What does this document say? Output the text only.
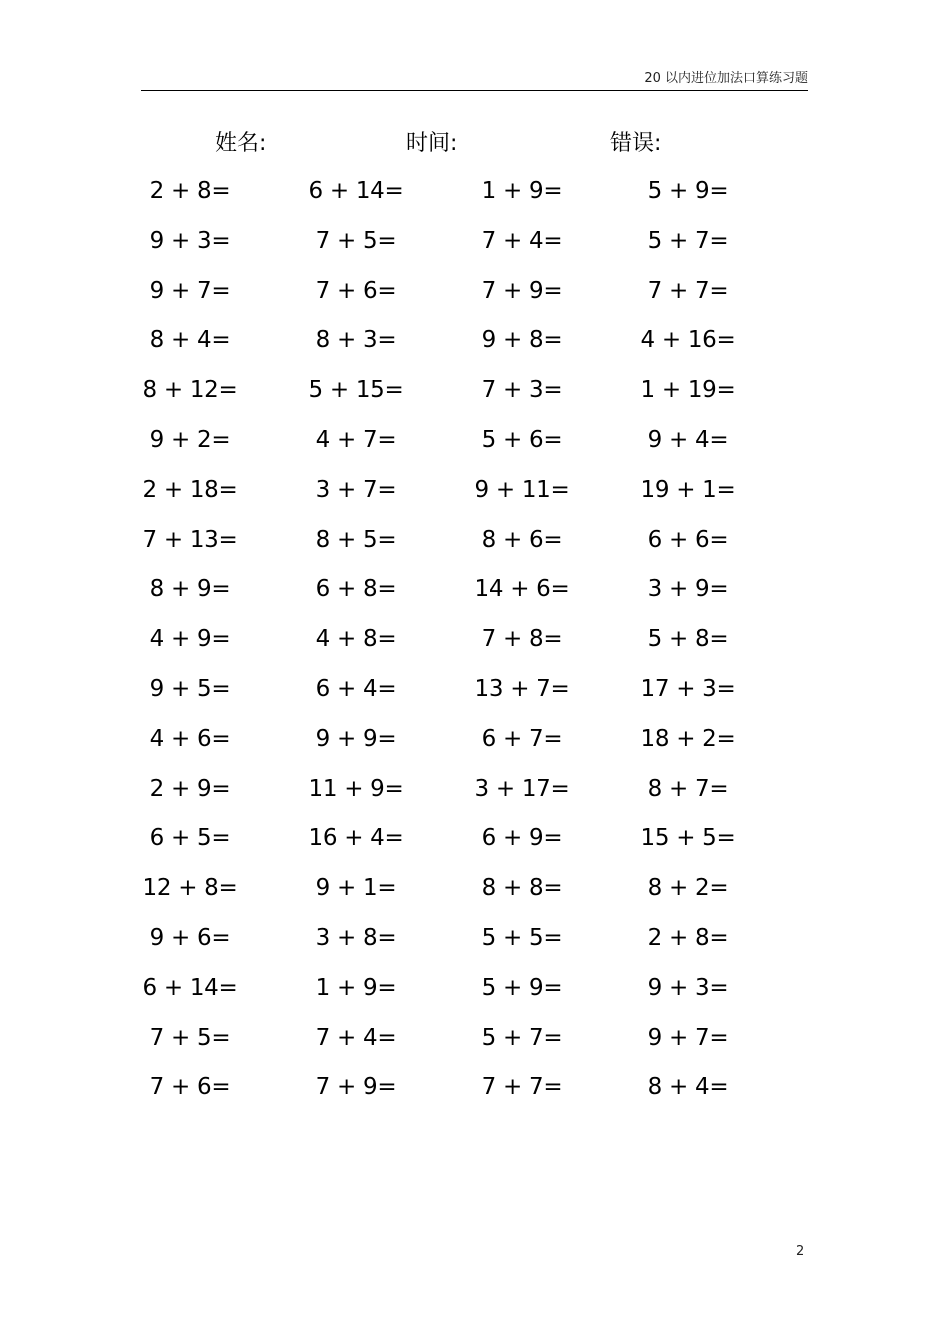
20 以内进位加法口算练习题
姓名:	时间:	错误:
2 + 8=	6 + 14=	1 + 9=	5 + 9=
9 + 3=	7 + 5=	7 + 4=	5 + 7=
9 + 7=	7 + 6=	7 + 9=	7 + 7=
8 + 4=	8 + 3=	9 + 8=	4 + 16=
8 + 12=	5 + 15=	7 + 3=	1 + 19=
9 + 2=	4 + 7=	5 + 6=	9 + 4=
2 + 18=	3 + 7=	9 + 11=	19 + 1=
7 + 13=	8 + 5=	8 + 6=	6 + 6=
8 + 9=	6 + 8=	14 + 6=	3 + 9=
4 + 9=	4 + 8=	7 + 8=	5 + 8=
9 + 5=	6 + 4=	13 + 7=	17 + 3=
4 + 6=	9 + 9=	6 + 7=	18 + 2=
2 + 9=	11 + 9=	3 + 17=	8 + 7=
6 + 5=	16 + 4=	6 + 9=	15 + 5=
12 + 8=	9 + 1=	8 + 8=	8 + 2=
9 + 6=	3 + 8=	5 + 5=	2 + 8=
6 + 14=	1 + 9=	5 + 9=	9 + 3=
7 + 5=	7 + 4=	5 + 7=	9 + 7=
7 + 6=	7 + 9=	7 + 7=	8 + 4=
2
